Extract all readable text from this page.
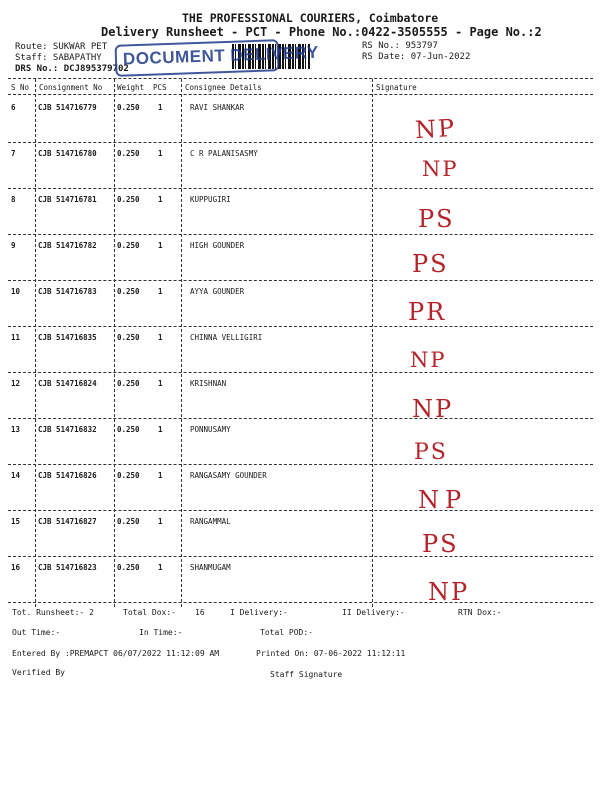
THE PROFESSIONAL COURIERS, Coimbatore
Delivery Runsheet - PCT - Phone No.:0422-3505555 - Page No.:2
Route: SUKWAR PET
Staff: SABAPATHY
DRS No.: DCJ895379702
RS No.: 953797
RS Date: 07-Jun-2022
DOCUMENT DELIVERY
S No Consignment No Weight PCS Consignee Details	Signature
6	CJB 514716779	0.250 1	RAVI SHANKAR
NP
7	CJB 514716780	0.250 1	C R PALANISASMY
NP
8	CJB 514716781	0.250 1	KUPPUGIRI
PS
9	CJB 514716782	0.250 1	HIGH GOUNDER
PS
10 CJB 514716783	0.250 1	AYYA GOUNDER
PR
11 CJB 514716835	0.250 1	CHINNA VELLIGIRI
NP
12 CJB 514716824	0.250 1	KRISHNAN
NP
13 CJB 514716832	0.250 1	PONNUSAMY
PS
14 CJB 514716826	0.250 1	RANGASAMY GOUNDER
NP
15 CJB 514716827	0.250 1	RANGAMMAL
PS
16 CJB 514716823	0.250 1	SHANMUGAM
NP
Tot. Runsheet:- 2	Total Dox:- 16	I Delivery:-	II Delivery:-	RTN Dox:-
Out Time:-	In Time:-	Total POD:-
Entered By :PREMAPCT 06/07/2022 11:12:09 AM	Printed On: 07-06-2022 11:12:11
Verified By	Staff Signature
